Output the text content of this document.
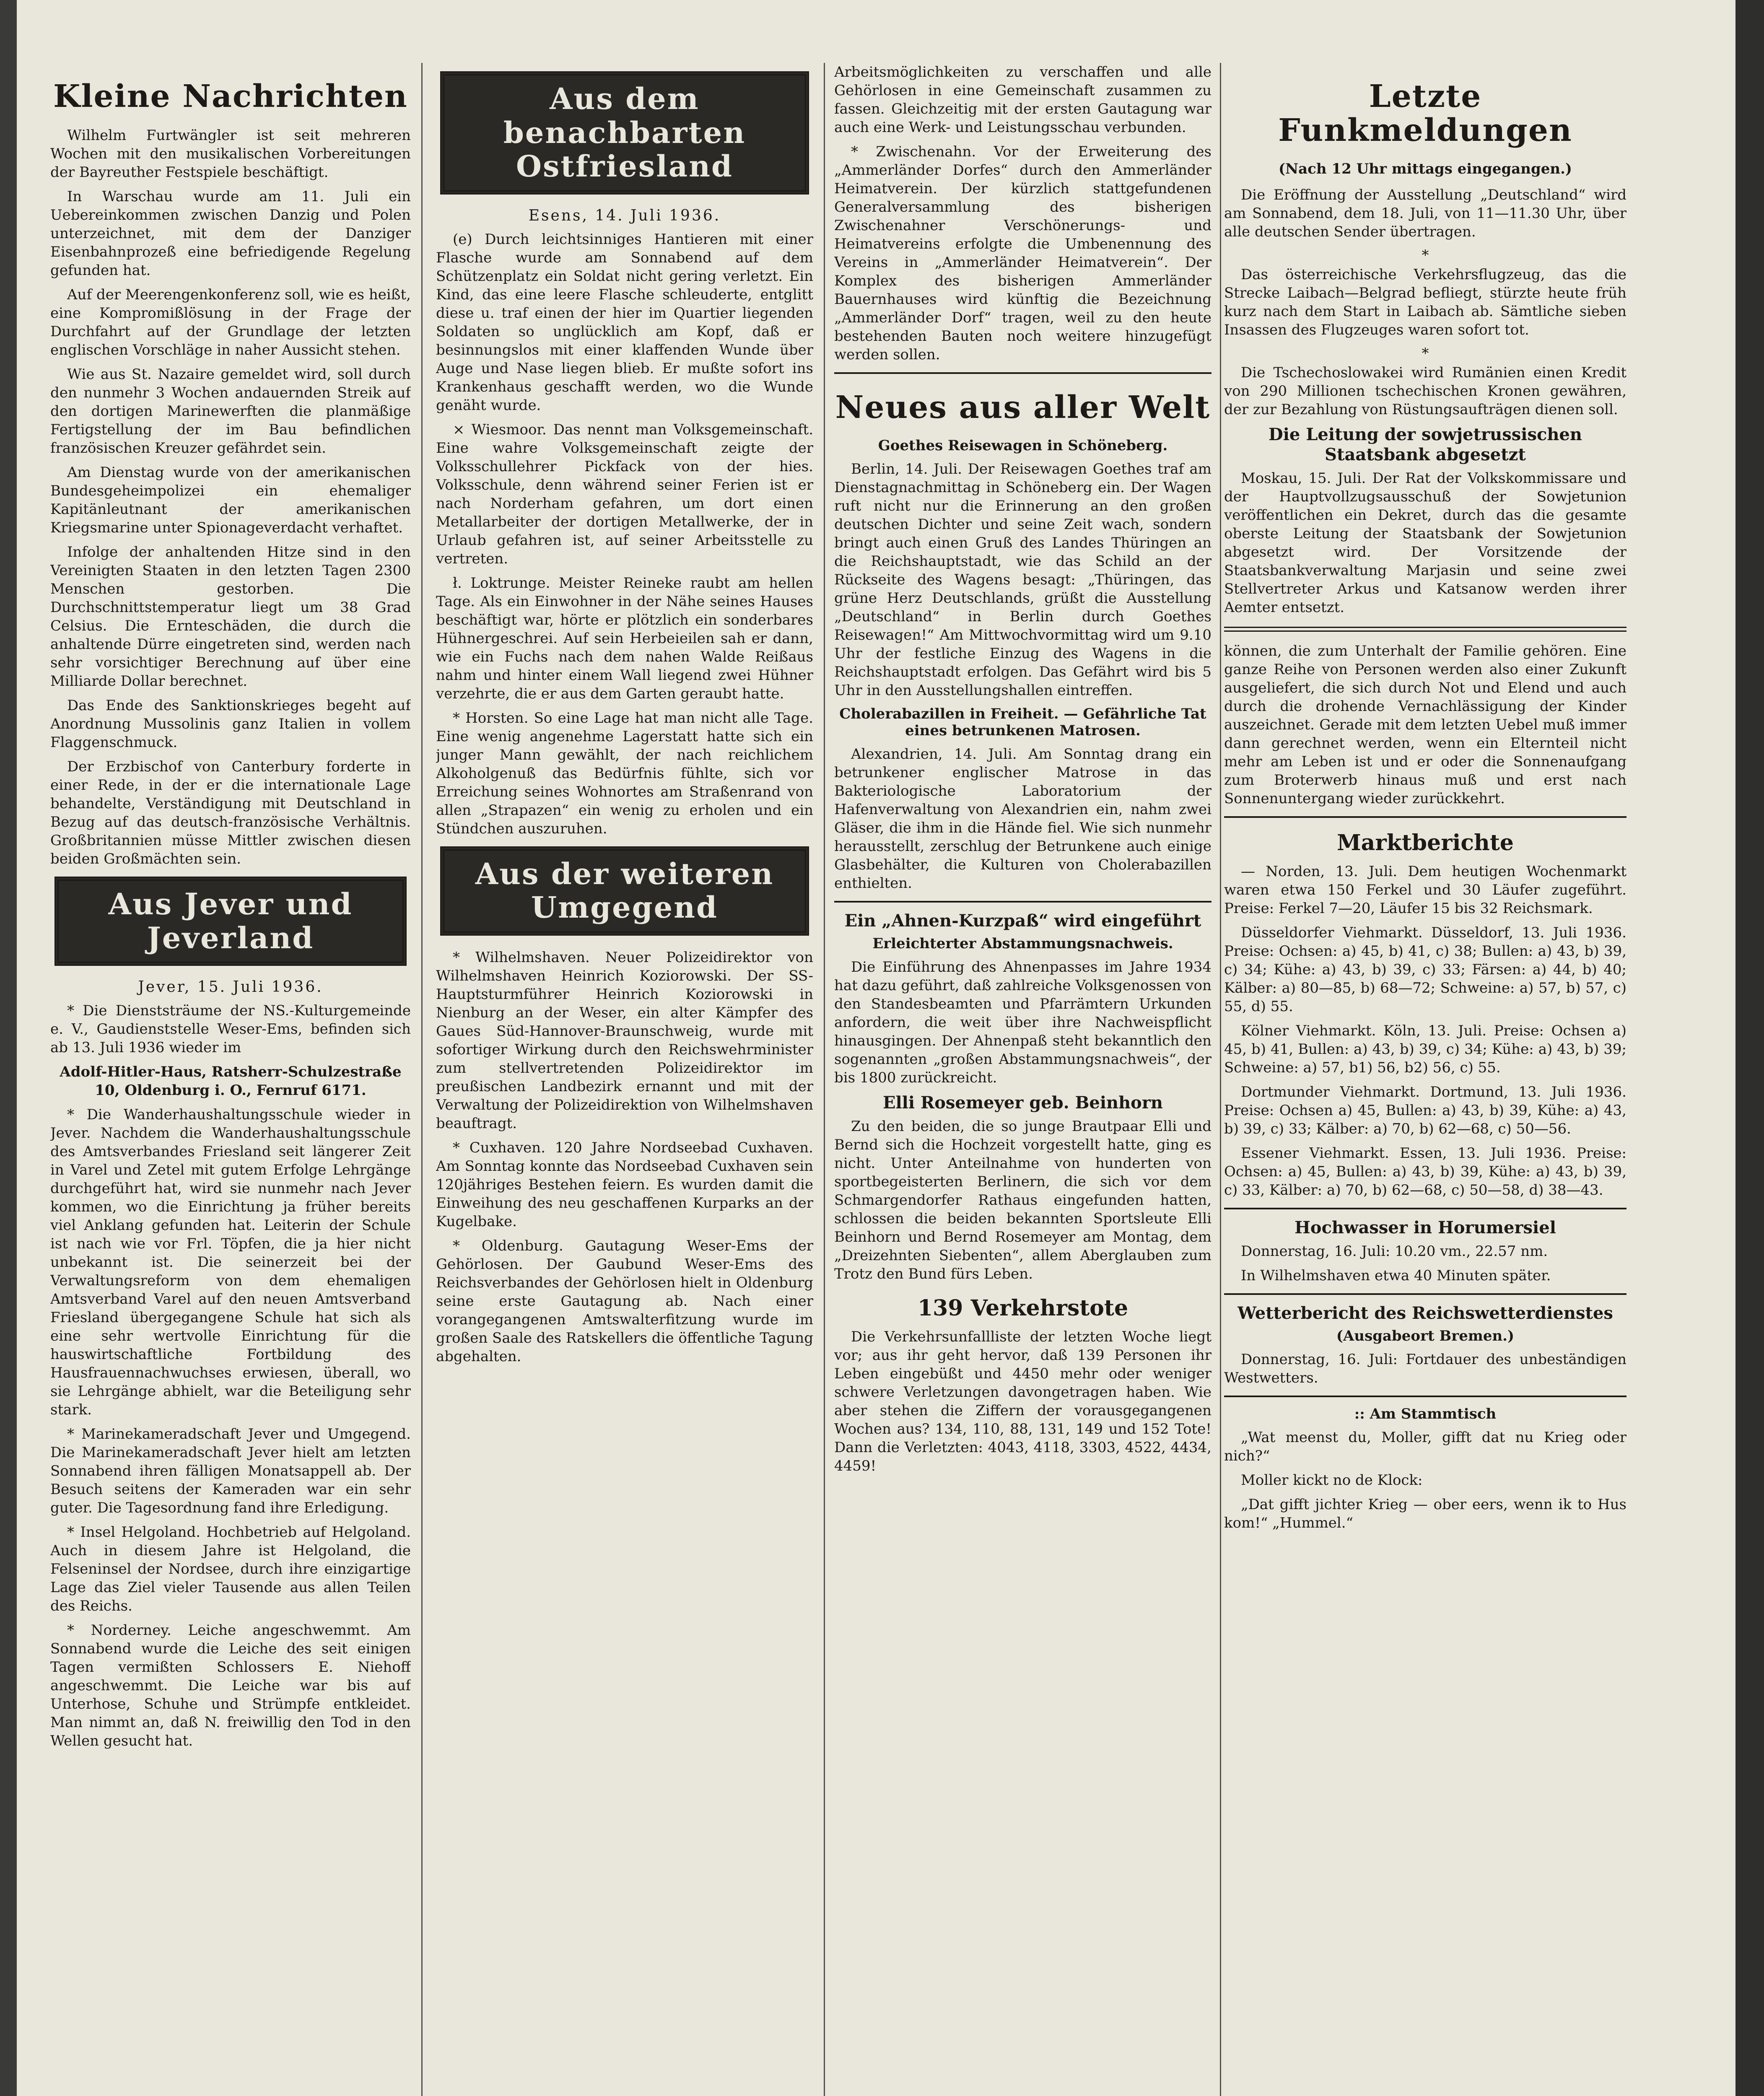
Kleine Nachrichten

Wilhelm Furtwängler ist seit mehreren Wochen mit den musikalischen Vorbereitungen der Bayreuther Festspiele beschäftigt.

In Warschau wurde am 11. Juli ein Uebereinkommen zwischen Danzig und Polen unterzeichnet, mit dem der Danziger Eisenbahnprozeß eine befriedigende Regelung gefunden hat.

Auf der Meerengenkonferenz soll, wie es heißt, eine Kompromißlösung in der Frage der Durchfahrt auf der Grundlage der letzten englischen Vorschläge in naher Aussicht stehen.

Wie aus St. Nazaire gemeldet wird, soll durch den nunmehr 3 Wochen andauernden Streik auf den dortigen Marinewerften die planmäßige Fertigstellung der im Bau befindlichen französischen Kreuzer gefährdet sein.

Am Dienstag wurde von der amerikanischen Bundesgeheimpolizei ein ehemaliger Kapitänleutnant der amerikanischen Kriegsmarine unter Spionageverdacht verhaftet.

Infolge der anhaltenden Hitze sind in den Vereinigten Staaten in den letzten Tagen 2300 Menschen gestorben. Die Durchschnittstemperatur liegt um 38 Grad Celsius. Die Ernteschäden, die durch die anhaltende Dürre eingetreten sind, werden nach sehr vorsichtiger Berechnung auf über eine Milliarde Dollar berechnet.

Das Ende des Sanktionskrieges begeht auf Anordnung Mussolinis ganz Italien in vollem Flaggenschmuck.

Der Erzbischof von Canterbury forderte in einer Rede, in der er die internationale Lage behandelte, Verständigung mit Deutschland in Bezug auf das deutsch-französische Verhältnis. Großbritannien müsse Mittler zwischen diesen beiden Großmächten sein.

Aus Jever und Jeverland
Jever, 15. Juli 1936.

* Die Dienststräume der NS.-Kulturgemeinde e. V., Gaudienststelle Weser-Ems, befinden sich ab 13. Juli 1936 wieder im

Adolf-Hitler-Haus, Ratsherr-Schulzestraße 10, Oldenburg i. O., Fernruf 6171.

* Die Wanderhaushaltungsschule wieder in Jever. Nachdem die Wanderhaushaltungsschule des Amtsverbandes Friesland seit längerer Zeit in Varel und Zetel mit gutem Erfolge Lehrgänge durchgeführt hat, wird sie nunmehr nach Jever kommen, wo die Einrichtung ja früher bereits viel Anklang gefunden hat. Leiterin der Schule ist nach wie vor Frl. Töpfen, die ja hier nicht unbekannt ist. Die seinerzeit bei der Verwaltungsreform von dem ehemaligen Amtsverband Varel auf den neuen Amtsverband Friesland übergegangene Schule hat sich als eine sehr wertvolle Einrichtung für die hauswirtschaftliche Fortbildung des Hausfrauennachwuchses erwiesen, überall, wo sie Lehrgänge abhielt, war die Beteiligung sehr stark.

* Marinekameradschaft Jever und Umgegend. Die Marinekameradschaft Jever hielt am letzten Sonnabend ihren fälligen Monatsappell ab. Der Besuch seitens der Kameraden war ein sehr guter. Die Tagesordnung fand ihre Erledigung.

* Insel Helgoland. Hochbetrieb auf Helgoland. Auch in diesem Jahre ist Helgoland, die Felseninsel der Nordsee, durch ihre einzigartige Lage das Ziel vieler Tausende aus allen Teilen des Reichs.

* Norderney. Leiche angeschwemmt. Am Sonnabend wurde die Leiche des seit einigen Tagen vermißten Schlossers E. Niehoff angeschwemmt. Die Leiche war bis auf Unterhose, Schuhe und Strümpfe entkleidet. Man nimmt an, daß N. freiwillig den Tod in den Wellen gesucht hat.

Aus dem benachbarten Ostfriesland
Esens, 14. Juli 1936.

(e) Durch leichtsinniges Hantieren mit einer Flasche wurde am Sonnabend auf dem Schützenplatz ein Soldat nicht gering verletzt. Ein Kind, das eine leere Flasche schleuderte, entglitt diese u. traf einen der hier im Quartier liegenden Soldaten so unglücklich am Kopf, daß er besinnungslos mit einer klaffenden Wunde über Auge und Nase liegen blieb. Er mußte sofort ins Krankenhaus geschafft werden, wo die Wunde genäht wurde.

× Wiesmoor. Das nennt man Volksgemeinschaft. Eine wahre Volksgemeinschaft zeigte der Volksschullehrer Pickfack von der hies. Volksschule, denn während seiner Ferien ist er nach Norderham gefahren, um dort einen Metallarbeiter der dortigen Metallwerke, der in Urlaub gefahren ist, auf seiner Arbeitsstelle zu vertreten.

ł. Loktrunge. Meister Reineke raubt am hellen Tage. Als ein Einwohner in der Nähe seines Hauses beschäftigt war, hörte er plötzlich ein sonderbares Hühnergeschrei. Auf sein Herbeieilen sah er dann, wie ein Fuchs nach dem nahen Walde Reißaus nahm und hinter einem Wall liegend zwei Hühner verzehrte, die er aus dem Garten geraubt hatte.

* Horsten. So eine Lage hat man nicht alle Tage. Eine wenig angenehme Lagerstatt hatte sich ein junger Mann gewählt, der nach reichlichem Alkoholgenuß das Bedürfnis fühlte, sich vor Erreichung seines Wohnortes am Straßenrand von allen „Strapazen“ ein wenig zu erholen und ein Stündchen auszuruhen.

Aus der weiteren Umgegend

* Wilhelmshaven. Neuer Polizeidirektor von Wilhelmshaven Heinrich Koziorowski. Der SS-Hauptsturmführer Heinrich Koziorowski in Nienburg an der Weser, ein alter Kämpfer des Gaues Süd-Hannover-Braunschweig, wurde mit sofortiger Wirkung durch den Reichswehrminister zum stellvertretenden Polizeidirektor im preußischen Landbezirk ernannt und mit der Verwaltung der Polizeidirektion von Wilhelmshaven beauftragt.

* Cuxhaven. 120 Jahre Nordseebad Cuxhaven. Am Sonntag konnte das Nordseebad Cuxhaven sein 120jähriges Bestehen feiern. Es wurden damit die Einweihung des neu geschaffenen Kurparks an der Kugelbake.

* Oldenburg. Gautagung Weser-Ems der Gehörlosen. Der Gaubund Weser-Ems des Reichsverbandes der Gehörlosen hielt in Oldenburg seine erste Gautagung ab. Nach einer vorangegangenen Amtswalterfitzung wurde im großen Saale des Ratskellers die öffentliche Tagung abgehalten.

Arbeitsmöglichkeiten zu verschaffen und alle Gehörlosen in eine Gemeinschaft zusammen zu fassen. Gleichzeitig mit der ersten Gautagung war auch eine Werk- und Leistungsschau verbunden.

* Zwischenahn. Vor der Erweiterung des „Ammerländer Dorfes“ durch den Ammerländer Heimatverein. Der kürzlich stattgefundenen Generalversammlung des bisherigen Zwischenahner Verschönerungs- und Heimatvereins erfolgte die Umbenennung des Vereins in „Ammerländer Heimatverein“. Der Komplex des bisherigen Ammerländer Bauernhauses wird künftig die Bezeichnung „Ammerländer Dorf“ tragen, weil zu den heute bestehenden Bauten noch weitere hinzugefügt werden sollen.

Neues aus aller Welt
Goethes Reisewagen in Schöneberg.

Berlin, 14. Juli. Der Reisewagen Goethes traf am Dienstagnachmittag in Schöneberg ein. Der Wagen ruft nicht nur die Erinnerung an den großen deutschen Dichter und seine Zeit wach, sondern bringt auch einen Gruß des Landes Thüringen an die Reichshauptstadt, wie das Schild an der Rückseite des Wagens besagt: „Thüringen, das grüne Herz Deutschlands, grüßt die Ausstellung „Deutschland“ in Berlin durch Goethes Reisewagen!“ Am Mittwochvormittag wird um 9.10 Uhr der festliche Einzug des Wagens in die Reichshauptstadt erfolgen. Das Gefährt wird bis 5 Uhr in den Ausstellungshallen eintreffen.

Cholerabazillen in Freiheit. — Gefährliche Tat eines betrunkenen Matrosen.

Alexandrien, 14. Juli. Am Sonntag drang ein betrunkener englischer Matrose in das Bakteriologische Laboratorium der Hafenverwaltung von Alexandrien ein, nahm zwei Gläser, die ihm in die Hände fiel. Wie sich nunmehr herausstellt, zerschlug der Betrunkene auch einige Glasbehälter, die Kulturen von Cholerabazillen enthielten.

Ein „Ahnen-Kurzpaß“ wird eingeführt
Erleichterter Abstammungsnachweis.

Die Einführung des Ahnenpasses im Jahre 1934 hat dazu geführt, daß zahlreiche Volksgenossen von den Standesbeamten und Pfarrämtern Urkunden anfordern, die weit über ihre Nachweispflicht hinausgingen. Der Ahnenpaß steht bekanntlich den sogenannten „großen Abstammungsnachweis“, der bis 1800 zurückreicht.

Elli Rosemeyer geb. Beinhorn

Zu den beiden, die so junge Brautpaar Elli und Bernd sich die Hochzeit vorgestellt hatte, ging es nicht. Unter Anteilnahme von hunderten von sportbegeisterten Berlinern, die sich vor dem Schmargendorfer Rathaus eingefunden hatten, schlossen die beiden bekannten Sportsleute Elli Beinhorn und Bernd Rosemeyer am Montag, dem „Dreizehnten Siebenten“, allem Aberglauben zum Trotz den Bund fürs Leben.

139 Verkehrstote

Die Verkehrsunfallliste der letzten Woche liegt vor; aus ihr geht hervor, daß 139 Personen ihr Leben eingebüßt und 4450 mehr oder weniger schwere Verletzungen davongetragen haben. Wie aber stehen die Ziffern der vorausgegangenen Wochen aus? 134, 110, 88, 131, 149 und 152 Tote! Dann die Verletzten: 4043, 4118, 3303, 4522, 4434, 4459!

Letzte Funkmeldungen
(Nach 12 Uhr mittags eingegangen.)

Die Eröffnung der Ausstellung „Deutschland“ wird am Sonnabend, dem 18. Juli, von 11—11.30 Uhr, über alle deutschen Sender übertragen.

*

Das österreichische Verkehrsflugzeug, das die Strecke Laibach—Belgrad befliegt, stürzte heute früh kurz nach dem Start in Laibach ab. Sämtliche sieben Insassen des Flugzeuges waren sofort tot.

*

Die Tschechoslowakei wird Rumänien einen Kredit von 290 Millionen tschechischen Kronen gewähren, der zur Bezahlung von Rüstungsaufträgen dienen soll.

Die Leitung der sowjetrussischen Staatsbank abgesetzt

Moskau, 15. Juli. Der Rat der Volkskommissare und der Hauptvollzugsausschuß der Sowjetunion veröffentlichen ein Dekret, durch das die gesamte oberste Leitung der Staatsbank der Sowjetunion abgesetzt wird. Der Vorsitzende der Staatsbankverwaltung Marjasin und seine zwei Stellvertreter Arkus und Katsanow werden ihrer Aemter entsetzt.

können, die zum Unterhalt der Familie gehören. Eine ganze Reihe von Personen werden also einer Zukunft ausgeliefert, die sich durch Not und Elend und auch durch die drohende Vernachlässigung der Kinder auszeichnet. Gerade mit dem letzten Uebel muß immer dann gerechnet werden, wenn ein Elternteil nicht mehr am Leben ist und er oder die Sonnenaufgang zum Broterwerb hinaus muß und erst nach Sonnenuntergang wieder zurückkehrt.

Marktberichte

— Norden, 13. Juli. Dem heutigen Wochenmarkt waren etwa 150 Ferkel und 30 Läufer zugeführt. Preise: Ferkel 7—20, Läufer 15 bis 32 Reichsmark.

Düsseldorfer Viehmarkt. Düsseldorf, 13. Juli 1936. Preise: Ochsen: a) 45, b) 41, c) 38; Bullen: a) 43, b) 39, c) 34; Kühe: a) 43, b) 39, c) 33; Färsen: a) 44, b) 40; Kälber: a) 80—85, b) 68—72; Schweine: a) 57, b) 57, c) 55, d) 55.

Kölner Viehmarkt. Köln, 13. Juli. Preise: Ochsen a) 45, b) 41, Bullen: a) 43, b) 39, c) 34; Kühe: a) 43, b) 39; Schweine: a) 57, b1) 56, b2) 56, c) 55.

Dortmunder Viehmarkt. Dortmund, 13. Juli 1936. Preise: Ochsen a) 45, Bullen: a) 43, b) 39, Kühe: a) 43, b) 39, c) 33; Kälber: a) 70, b) 62—68, c) 50—56.

Essener Viehmarkt. Essen, 13. Juli 1936. Preise: Ochsen: a) 45, Bullen: a) 43, b) 39, Kühe: a) 43, b) 39, c) 33, Kälber: a) 70, b) 62—68, c) 50—58, d) 38—43.

Hochwasser in Horumersiel

Donnerstag, 16. Juli: 10.20 vm., 22.57 nm.

In Wilhelmshaven etwa 40 Minuten später.

Wetterbericht des Reichswetterdienstes
(Ausgabeort Bremen.)

Donnerstag, 16. Juli: Fortdauer des unbeständigen Westwetters.

:: Am Stammtisch

„Wat meenst du, Moller, gifft dat nu Krieg oder nich?“

Moller kickt no de Klock:

„Dat gifft jichter Krieg — ober eers, wenn ik to Hus kom!“ „Hummel.“
